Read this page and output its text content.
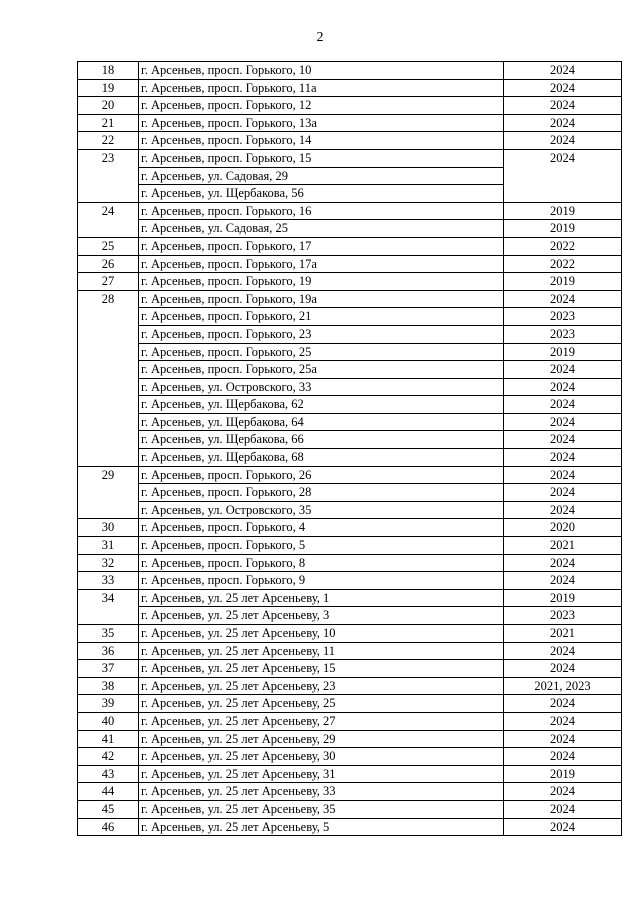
2
18	г. Арсеньев, просп. Горького, 10	2024
19	г. Арсеньев, просп. Горького, 11а	2024
20	г. Арсеньев, просп. Горького, 12	2024
21	г. Арсеньев, просп. Горького, 13а	2024
22	г. Арсеньев, просп. Горького, 14	2024
23	г. Арсеньев, просп. Горького, 15	2024
	г. Арсеньев, ул. Садовая, 29	
	г. Арсеньев, ул. Щербакова, 56	
24	г. Арсеньев, просп. Горького, 16	2019
	г. Арсеньев, ул. Садовая, 25	2019
25	г. Арсеньев, просп. Горького, 17	2022
26	г. Арсеньев, просп. Горького, 17а	2022
27	г. Арсеньев, просп. Горького, 19	2019
28	г. Арсеньев, просп. Горького, 19а	2024
	г. Арсеньев, просп. Горького, 21	2023
	г. Арсеньев, просп. Горького, 23	2023
	г. Арсеньев, просп. Горького, 25	2019
	г. Арсеньев, просп. Горького, 25а	2024
	г. Арсеньев, ул. Островского, 33	2024
	г. Арсеньев, ул. Щербакова, 62	2024
	г. Арсеньев, ул. Щербакова, 64	2024
	г. Арсеньев, ул. Щербакова, 66	2024
	г. Арсеньев, ул. Щербакова, 68	2024
29	г. Арсеньев, просп. Горького, 26	2024
	г. Арсеньев, просп. Горького, 28	2024
	г. Арсеньев, ул. Островского, 35	2024
30	г. Арсеньев, просп. Горького, 4	2020
31	г. Арсеньев, просп. Горького, 5	2021
32	г. Арсеньев, просп. Горького, 8	2024
33	г. Арсеньев, просп. Горького, 9	2024
34	г. Арсеньев, ул. 25 лет Арсеньеву, 1	2019
	г. Арсеньев, ул. 25 лет Арсеньеву, 3	2023
35	г. Арсеньев, ул. 25 лет Арсеньеву, 10	2021
36	г. Арсеньев, ул. 25 лет Арсеньеву, 11	2024
37	г. Арсеньев, ул. 25 лет Арсеньеву, 15	2024
38	г. Арсеньев, ул. 25 лет Арсеньеву, 23	2021, 2023
39	г. Арсеньев, ул. 25 лет Арсеньеву, 25	2024
40	г. Арсеньев, ул. 25 лет Арсеньеву, 27	2024
41	г. Арсеньев, ул. 25 лет Арсеньеву, 29	2024
42	г. Арсеньев, ул. 25 лет Арсеньеву, 30	2024
43	г. Арсеньев, ул. 25 лет Арсеньеву, 31	2019
44	г. Арсеньев, ул. 25 лет Арсеньеву, 33	2024
45	г. Арсеньев, ул. 25 лет Арсеньеву, 35	2024
46	г. Арсеньев, ул. 25 лет Арсеньеву, 5	2024
